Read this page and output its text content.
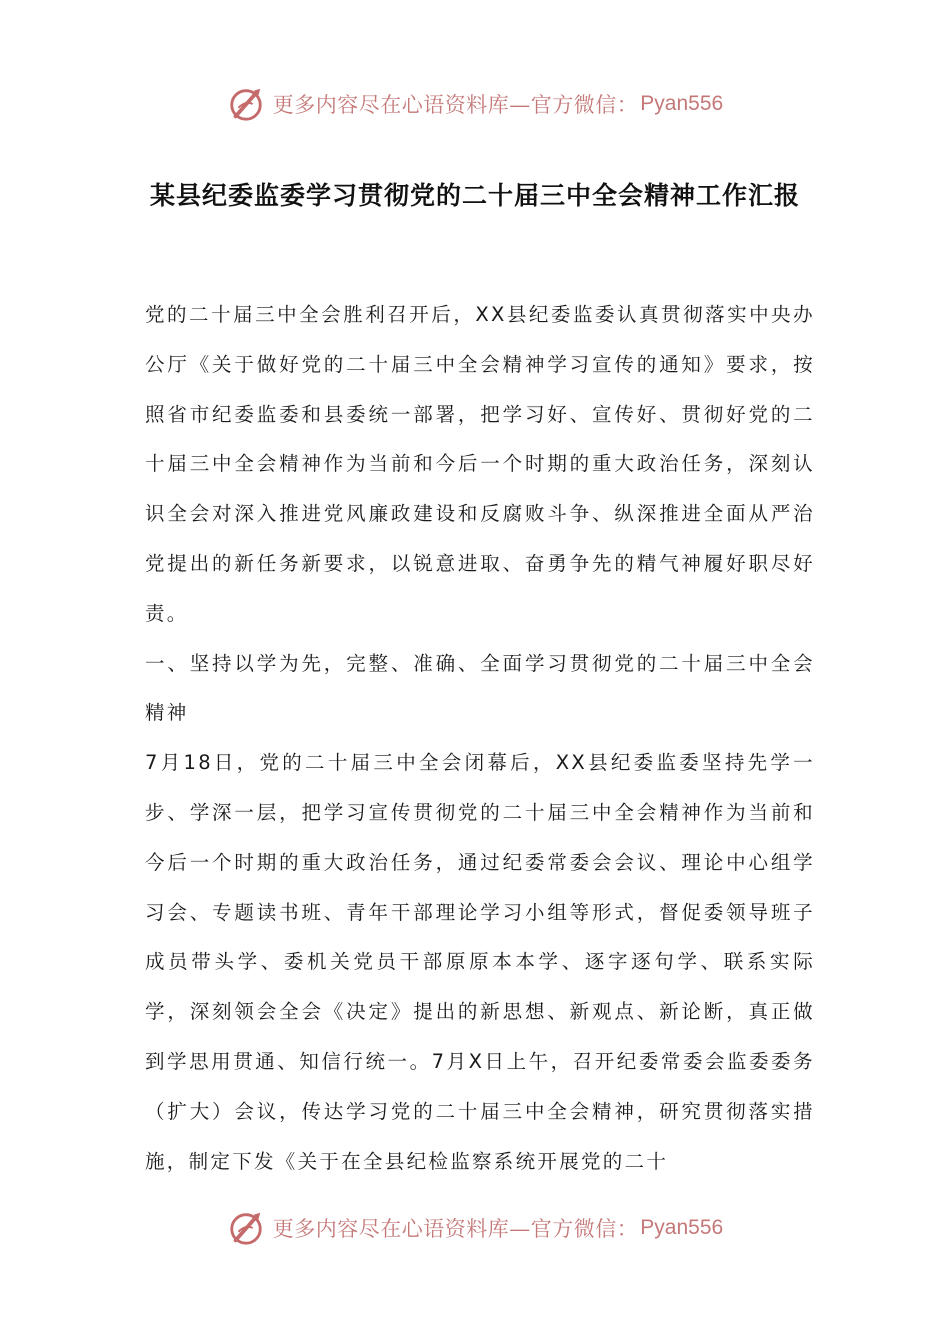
更多内容尽在心语资料库—官方微信： Pyan556
某县纪委监委学习贯彻党的二十届三中全会精神工作汇报

党的二十届三中全会胜利召开后，XX县纪委监委认真贯彻落实中央办公厅《关于做好党的二十届三中全会精神学习宣传的通知》要求，按照省市纪委监委和县委统一部署，把学习好、宣传好、贯彻好党的二十届三中全会精神作为当前和今后一个时期的重大政治任务，深刻认识全会对深入推进党风廉政建设和反腐败斗争、纵深推进全面从严治党提出的新任务新要求，以锐意进取、奋勇争先的精气神履好职尽好责。

一、坚持以学为先，完整、准确、全面学习贯彻党的二十届三中全会精神

7月18日，党的二十届三中全会闭幕后，XX县纪委监委坚持先学一步、学深一层，把学习宣传贯彻党的二十届三中全会精神作为当前和今后一个时期的重大政治任务，通过纪委常委会会议、理论中心组学习会、专题读书班、青年干部理论学习小组等形式，督促委领导班子成员带头学、委机关党员干部原原本本学、逐字逐句学、联系实际学，深刻领会全会《决定》提出的新思想、新观点、新论断，真正做到学思用贯通、知信行统一。7月X日上午，召开纪委常委会监委委务（扩大）会议，传达学习党的二十届三中全会精神，研究贯彻落实措施，制定下发《关于在全县纪检监察系统开展党的二十

更多内容尽在心语资料库—官方微信： Pyan556
